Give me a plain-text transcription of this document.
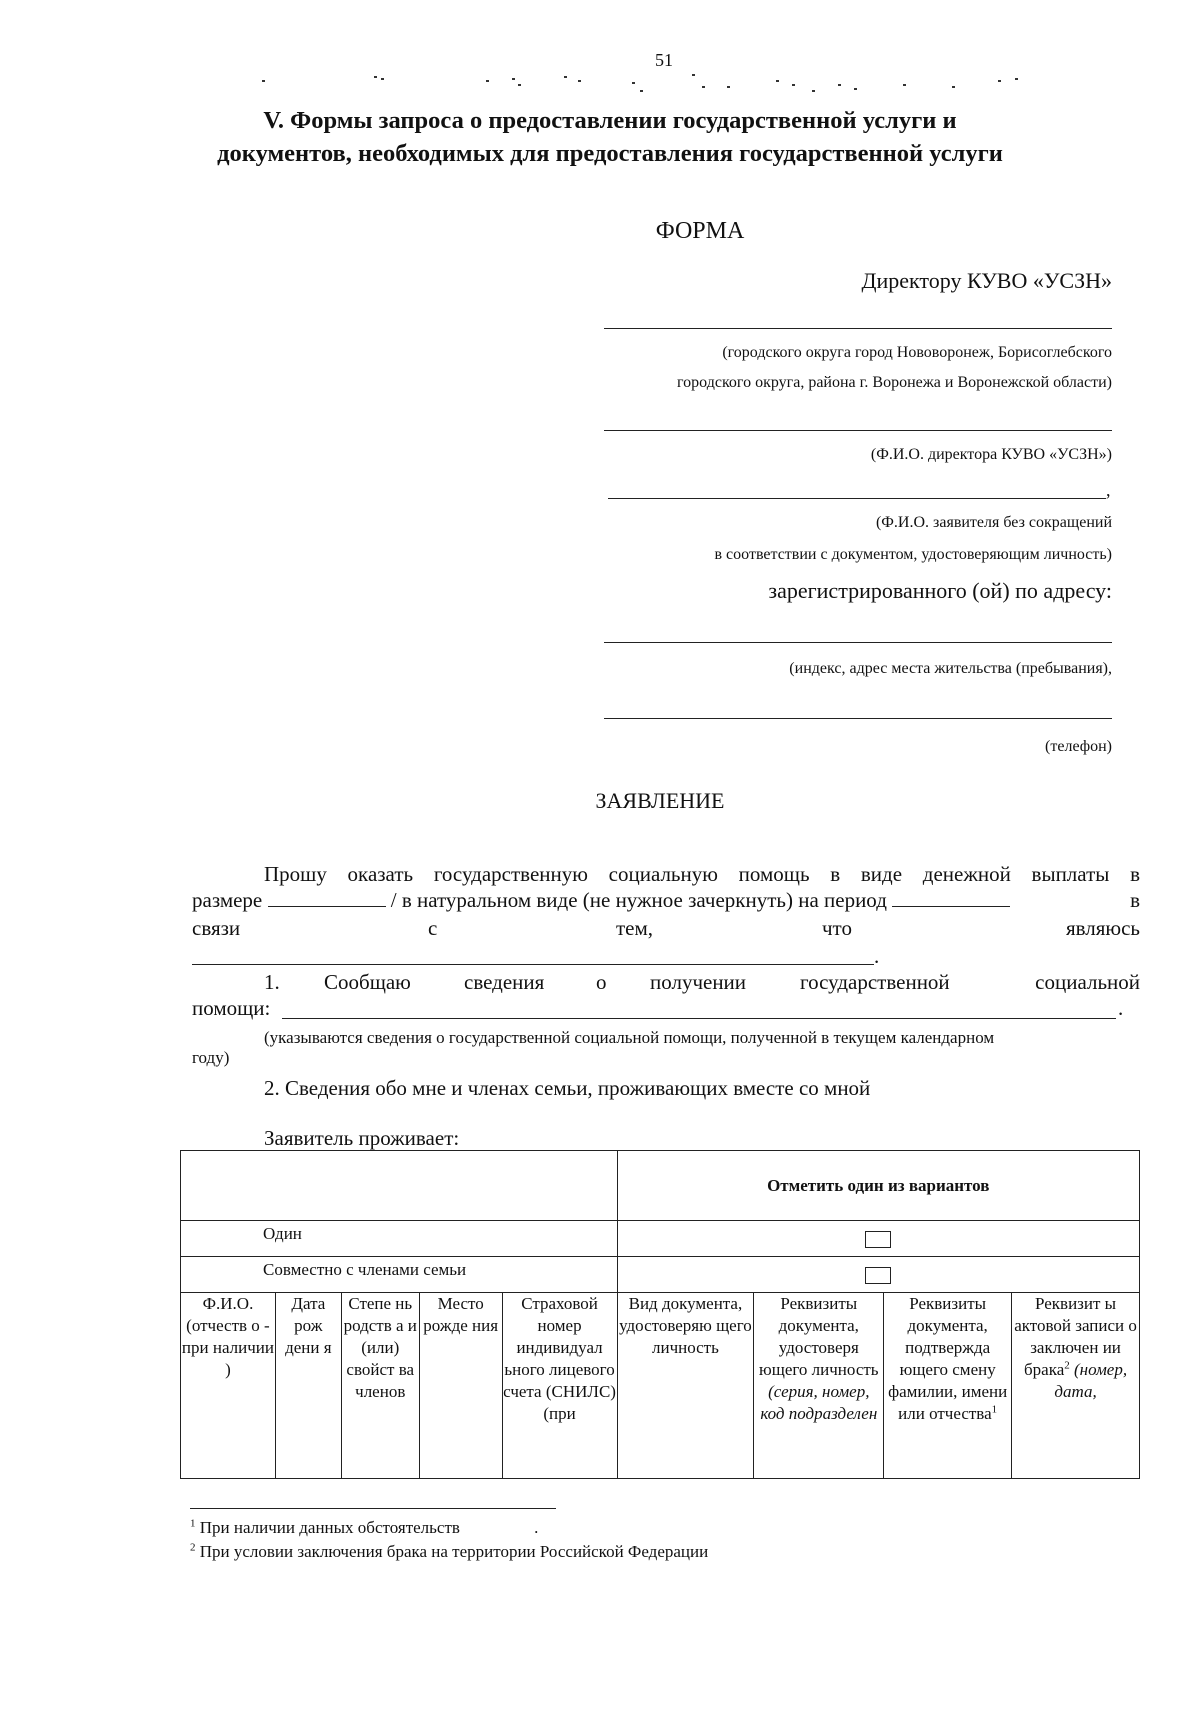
51
V. Формы запроса о предоставлении государственной услуги и
документов, необходимых для предоставления государственной услуги
ФОРМА
Директору КУВО «УСЗН»
(городского округа город Нововоронеж, Борисоглебского
городского округа, района г. Воронежа и Воронежской области)
(Ф.И.О. директора КУВО «УСЗН»)
,
(Ф.И.О. заявителя без сокращений
в соответствии с документом, удостоверяющим личность)
зарегистрированного (ой) по адресу:
(индекс, адрес места жительства (пребывания),
(телефон)
ЗАЯВЛЕНИЕ
Прошу оказать государственную социальную помощь в виде денежной выплаты в
размере	/ в натуральном виде (не нужное зачеркнуть) на период	в
связи	с	тем,	что	являюсь
.
1. Сообщаю	сведения о получении	государственной	социальной
помощи:	.
(указываются сведения о государственной социальной помощи, полученной в текущем календарном
году)
2. Сведения обо мне и членах семьи, проживающих вместе со мной
Заявитель проживает:
					Отметить один из вариантов			
Один								
Совместно с членами семьи								
Ф.И.О. (отчеств о - при наличии )	Дата рож дени я	Степе нь родств а и (или) свойст ва членов	Место рожде ния	Страховой номер индивидуал ьного лицевого счета (СНИЛС) (при	Вид документа, удостоверяю щего личность	Реквизиты документа, удостоверя ющего личность (серия, номер, код подразделен	Реквизиты документа, подтвержда ющего смену фамилии, имени или отчества$^1$	Реквизит ы актовой записи о заключен ии брака$^2$ (номер, дата,
$^1$ При наличии данных обстоятельств	.
$^2$ При условии заключения брака на территории Российской Федерации
